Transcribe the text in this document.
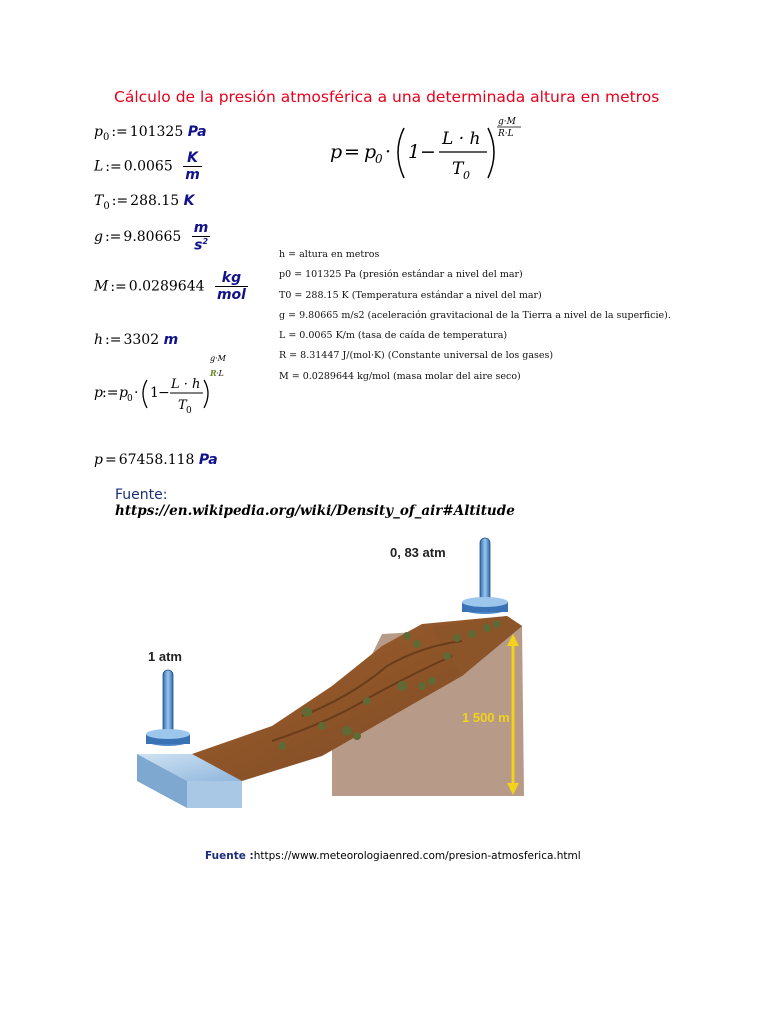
Cálculo de la presión atmosférica a una determinada altura en metros
$p_0$ := 101325 Pa
L := $0.0065 \frac{K}{m}$
$T_0$ := 288.15 K
g := $9.80665 \frac{m}{s^2}$
M := $0.0289644 \frac{kg}{\text{mol}}$
h := 3302 m
p := p 0 · 1 −
L · h
T 0
g·M
R ·L
p = 67458.118 Pa
p = p
0 · 1 −
L · h
T 0
g·M
R·L
h = altura en metros
p0 = 101325 Pa (presión estándar a nivel del mar)
T0 = 288.15 K (Temperatura estándar a nivel del mar)
g = 9.80665 m/s2 (aceleración gravitacional de la Tierra a nivel de la superficie).
L = 0.0065 K/m (tasa de caída de temperatura)
R = 8.31447 J/(mol·K) (Constante universal de los gases)
M = 0.0289644 kg/mol (masa molar del aire seco)
Fuente:
https://en.wikipedia.org/wiki/Density_of_air#Altitude
1 500 m
1 atm
0, 83 atm
Fuente :https://www.meteorologiaenred.com/presion-atmosferica.html
